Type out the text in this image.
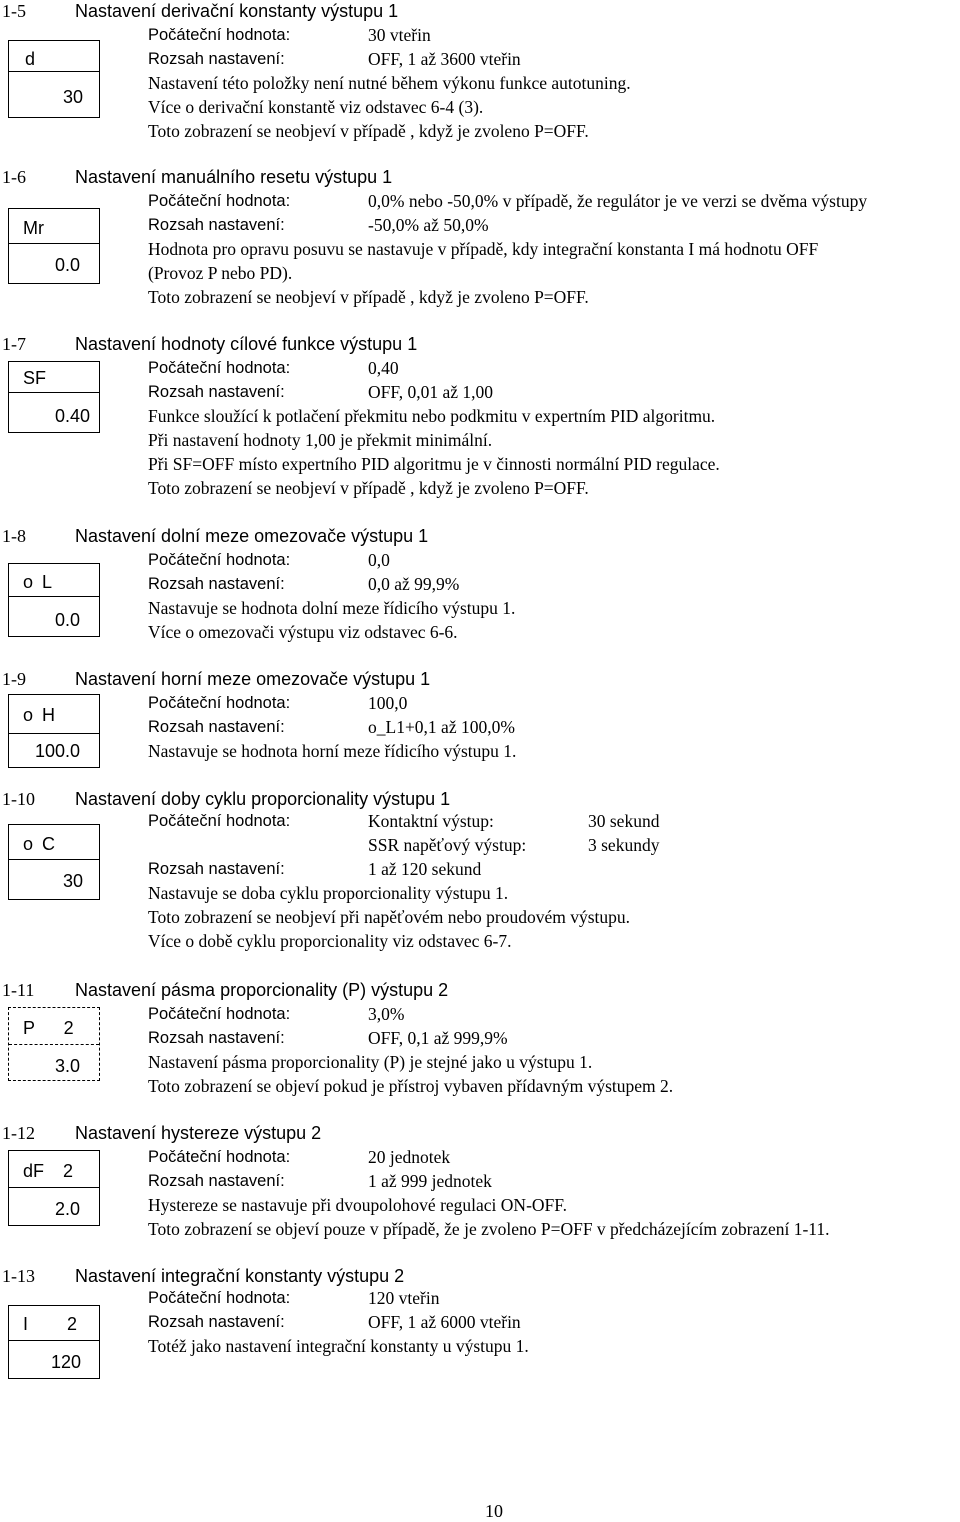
1-5	Nastavení derivační konstanty výstupu 1
d
30
Počáteční hodnota:	30 vteřin
Rozsah nastavení:	OFF, 1 až 3600 vteřin
Nastavení této položky není nutné během výkonu funkce autotuning.
Více o derivační konstantě viz odstavec 6-4 (3).
Toto zobrazení se neobjeví v případě , když je zvoleno P=OFF.
1-6	Nastavení manuálního resetu výstupu 1
Mr
0.0
Počáteční hodnota:	0,0% nebo -50,0% v případě, že regulátor je ve verzi se dvěma výstupy
Rozsah nastavení:	-50,0% až 50,0%
Hodnota pro opravu posuvu se nastavuje v případě, kdy integrační konstanta I má hodnotu OFF
(Provoz P nebo PD).
Toto zobrazení se neobjeví v případě , když je zvoleno P=OFF.
1-7	Nastavení hodnoty cílové funkce výstupu 1
SF
0.40
Počáteční hodnota:	0,40
Rozsah nastavení:	OFF, 0,01 až 1,00
Funkce sloužící k potlačení překmitu nebo podkmitu v expertním PID algoritmu.
Při nastavení hodnoty 1,00 je překmit minimální.
Při SF=OFF místo expertního PID algoritmu je v činnosti normální PID regulace.
Toto zobrazení se neobjeví v případě , když je zvoleno P=OFF.
1-8	Nastavení dolní meze omezovače výstupu 1
o L
0.0
Počáteční hodnota:	0,0
Rozsah nastavení:	0,0 až 99,9%
Nastavuje se hodnota dolní meze řídicího výstupu 1.
Více o omezovači výstupu viz odstavec 6-6.
1-9	Nastavení horní meze omezovače výstupu 1
o H
100.0
Počáteční hodnota:	100,0
Rozsah nastavení:	o_L1+0,1 až 100,0%
Nastavuje se hodnota horní meze řídicího výstupu 1.
1-10 Nastavení doby cyklu proporcionality výstupu 1
o C
30
Počáteční hodnota:	Kontaktní výstup:	30 sekund
SSR napěťový výstup:	3 sekundy
Rozsah nastavení:	1 až 120 sekund
Nastavuje se doba cyklu proporcionality výstupu 1.
Toto zobrazení se neobjeví při napěťovém nebo proudovém výstupu.
Více o době cyklu proporcionality viz odstavec 6-7.
1-11 Nastavení pásma proporcionality (P) výstupu 2
P 2
3.0
Počáteční hodnota:	3,0%
Rozsah nastavení:	OFF, 0,1 až 999,9%
Nastavení pásma proporcionality (P) je stejné jako u výstupu 1.
Toto zobrazení se objeví pokud je přístroj vybaven přídavným výstupem 2.
1-12 Nastavení hystereze výstupu 2
dF 2
2.0
Počáteční hodnota:	20 jednotek
Rozsah nastavení:	1 až 999 jednotek
Hystereze se nastavuje při dvoupolohové regulaci ON-OFF.
Toto zobrazení se objeví pouze v případě, že je zvoleno P=OFF v předcházejícím zobrazení 1-11.
1-13 Nastavení integrační konstanty výstupu 2
I 2
120
Počáteční hodnota:	120 vteřin
Rozsah nastavení:	OFF, 1 až 6000 vteřin
Totéž jako nastavení integrační konstanty u výstupu 1.
10
